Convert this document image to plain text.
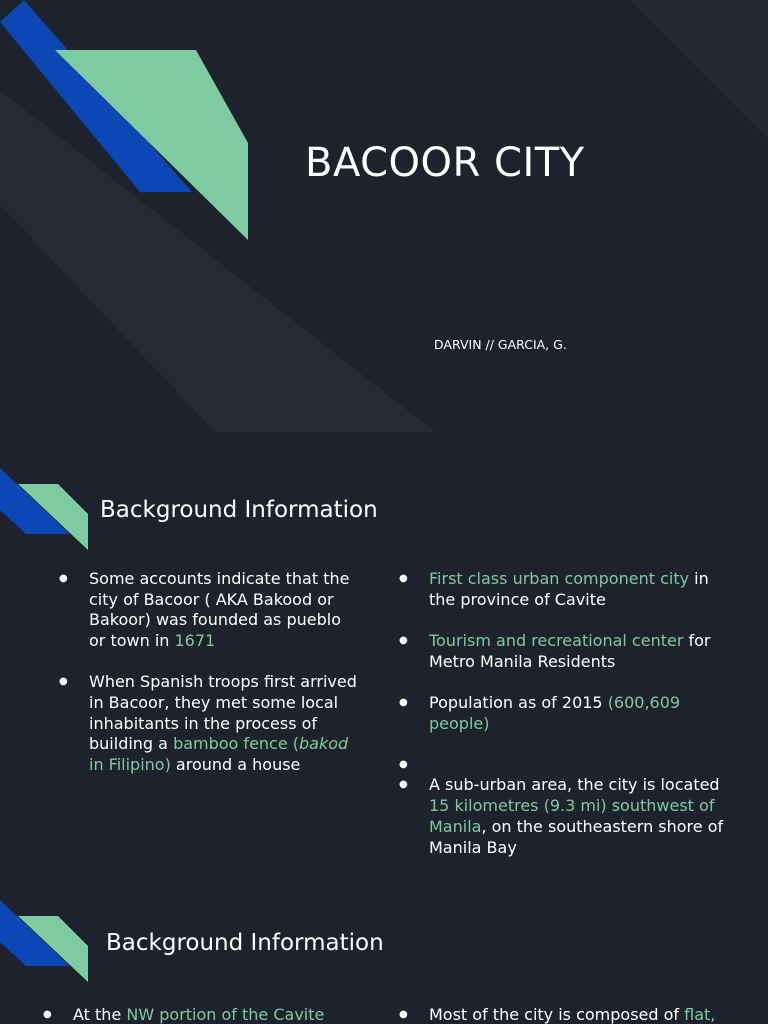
BACOOR CITY
DARVIN // GARCIA, G.
Background Information
● Some accounts indicate that the city of Bacoor ( AKA Bakood or Bakoor) was founded as pueblo or town in 1671
● When Spanish troops first arrived in Bacoor, they met some local inhabitants in the process of building a bamboo fence (bakod in Filipino) around a house
● First class urban component city in the province of Cavite
● Tourism and recreational center for Metro Manila Residents
● Population as of 2015 (600,609 people)
●
● A sub-urban area, the city is located 15 kilometres (9.3 mi) southwest of Manila, on the southeastern shore of Manila Bay
Background Information
● At the NW portion of the Cavite
●	Most of the city is composed of flat,
